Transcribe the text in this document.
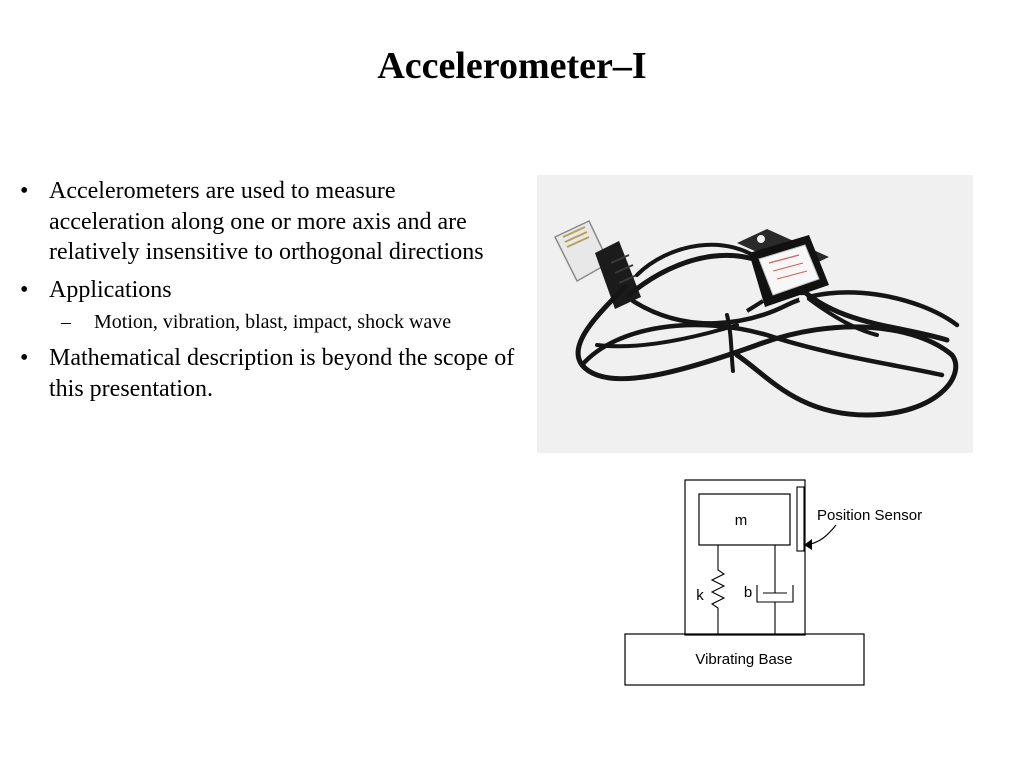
Accelerometer–I
• Accelerometers are used to measure acceleration along one or more axis and are relatively insensitive to orthogonal directions
• Applications
– Motion, vibration, blast, impact, shock wave
• Mathematical description is beyond the scope of this presentation.
m
k	b
Position Sensor
Vibrating Base
